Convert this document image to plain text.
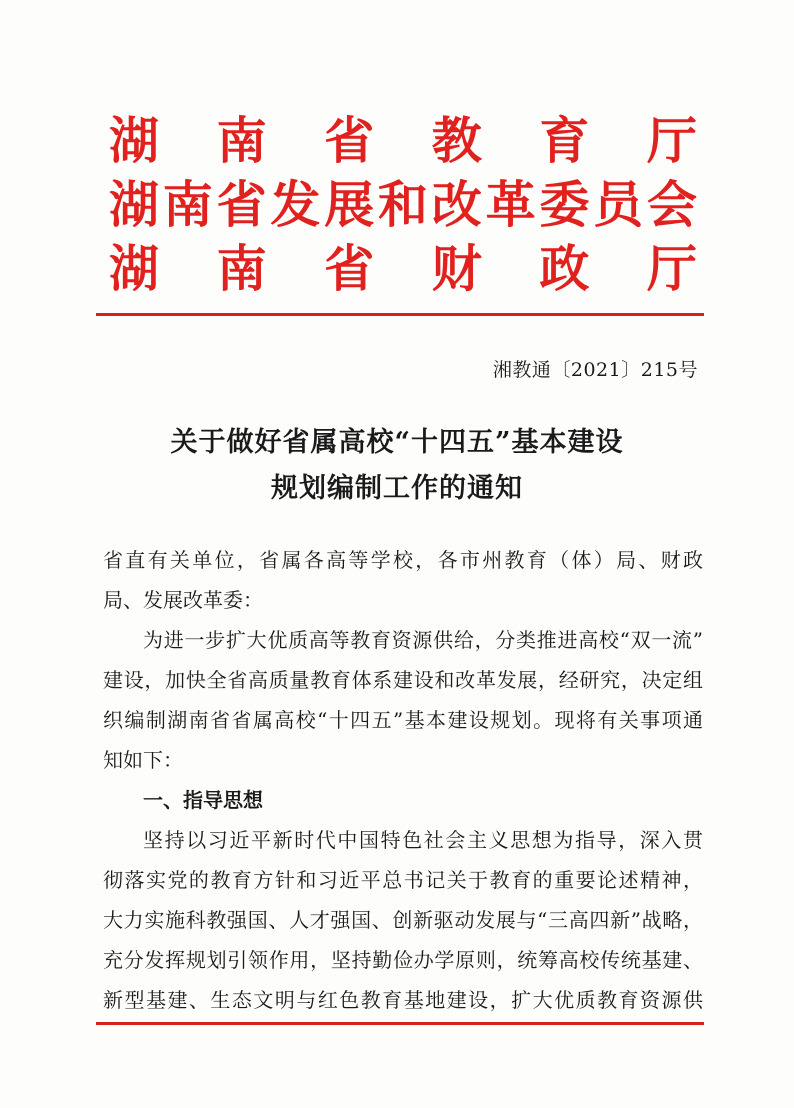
湖 南 省 教 育 厅
湖 南 省 发 展 和 改 革 委 员 会
湖 南 省 财 政 厅
湘教通〔2021〕215号
关于做好省属高校“十四五”基本建设
规划编制工作的通知
省直有关单位，省属各高等学校，各市州教育（体）局、财政
局、发展改革委：
为进一步扩大优质高等教育资源供给，分类推进高校“双一流”
建设，加快全省高质量教育体系建设和改革发展，经研究，决定组
织编制湖南省省属高校“十四五”基本建设规划。现将有关事项通
知如下：
一、指导思想
坚持以习近平新时代中国特色社会主义思想为指导，深入贯
彻落实党的教育方针和习近平总书记关于教育的重要论述精神，
大力实施科教强国、人才强国、创新驱动发展与“三高四新”战略，
充分发挥规划引领作用，坚持勤俭办学原则，统筹高校传统基建、
新型基建、生态文明与红色教育基地建设，扩大优质教育资源供
